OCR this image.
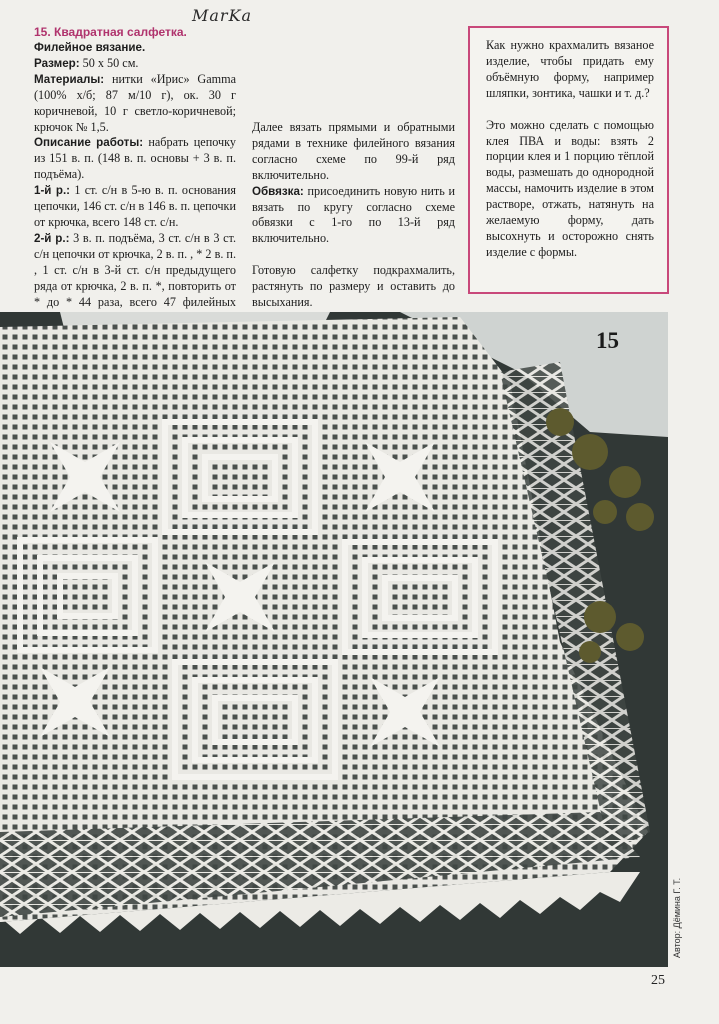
MarKa

15. Квадратная салфетка.

Филейное вязание.

Размер: 50 х 50 см.

Материалы: нитки «Ирис» Gamma (100% х/б; 87 м/10 г), ок. 30 г коричневой, 10 г светло-коричневой; крючок № 1,5.

Описание работы: набрать цепочку из 151 в. п. (148 в. п. основы + 3 в. п. подъёма).

1-й р.: 1 ст. с/н в 5-ю в. п. основания цепочки, 146 ст. с/н в 146 в. п. цепочки от крючка, всего 148 ст. с/н.

2-й р.: 3 в. п. подъёма, 3 ст. с/н в 3 ст. с/н цепочки от крючка, 2 в. п. , * 2 в. п. , 1 ст. с/н в 3-й ст. с/н предыдущего ряда от крючка, 2 в. п. *, повторить от * до * 44 раза, всего 47 филейных

Далее вязать прямыми и обратными рядами в технике филейного вязания согласно схеме по 99-й ряд включительно.

Обвязка: присоединить новую нить и вязать по кругу согласно схеме обвязки с 1-го по 13-й ряд включительно.

Готовую салфетку подкрахмалить, растянуть по размеру и оставить до высыхания.

Как нужно крахмалить вязаное изделие, чтобы придать ему объёмную форму, например шляпки, зонтика, чашки и т. д.?

Это можно сделать с помощью клея ПВА и воды: взять 2 порции клея и 1 порцию тёплой воды, размешать до однородной массы, намочить изделие в этом растворе, отжать, натянуть на желаемую форму, дать высохнуть и осторожно снять изделие с формы.

15
Автор: Дёмина Г. Т.
25
